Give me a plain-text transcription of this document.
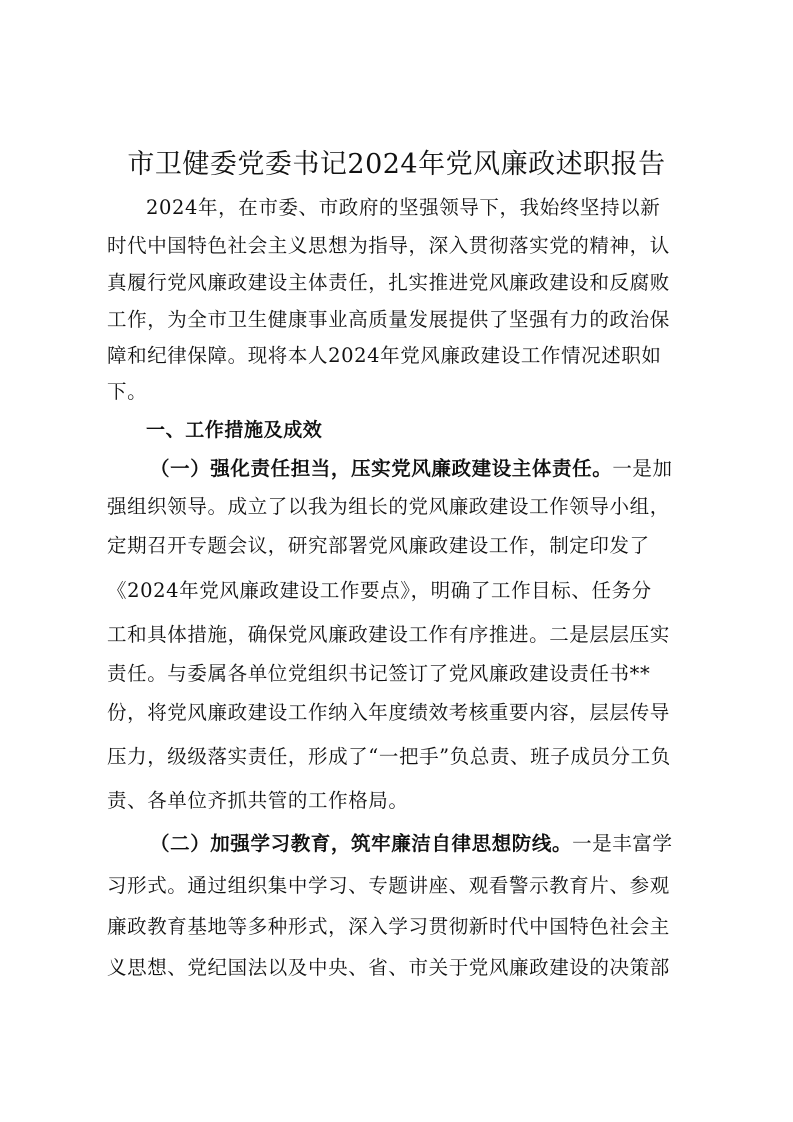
市卫健委党委书记2024年党风廉政述职报告
2024年，在市委、市政府的坚强领导下，我始终坚持以新
时代中国特色社会主义思想为指导，深入贯彻落实党的精神，认
真履行党风廉政建设主体责任，扎实推进党风廉政建设和反腐败
工作，为全市卫生健康事业高质量发展提供了坚强有力的政治保
障和纪律保障。现将本人2024年党风廉政建设工作情况述职如
下。
一、工作措施及成效
（一）强化责任担当，压实党风廉政建设主体责任。一是加
强组织领导。成立了以我为组长的党风廉政建设工作领导小组，
定期召开专题会议，研究部署党风廉政建设工作，制定印发了
《2024年党风廉政建设工作要点》，明确了工作目标、任务分
工和具体措施，确保党风廉政建设工作有序推进。二是层层压实
责任。与委属各单位党组织书记签订了党风廉政建设责任书**
份，将党风廉政建设工作纳入年度绩效考核重要内容，层层传导
压力，级级落实责任，形成了“一把手”负总责、班子成员分工负
责、各单位齐抓共管的工作格局。
（二）加强学习教育，筑牢廉洁自律思想防线。一是丰富学
习形式。通过组织集中学习、专题讲座、观看警示教育片、参观
廉政教育基地等多种形式，深入学习贯彻新时代中国特色社会主
义思想、党纪国法以及中央、省、市关于党风廉政建设的决策部
